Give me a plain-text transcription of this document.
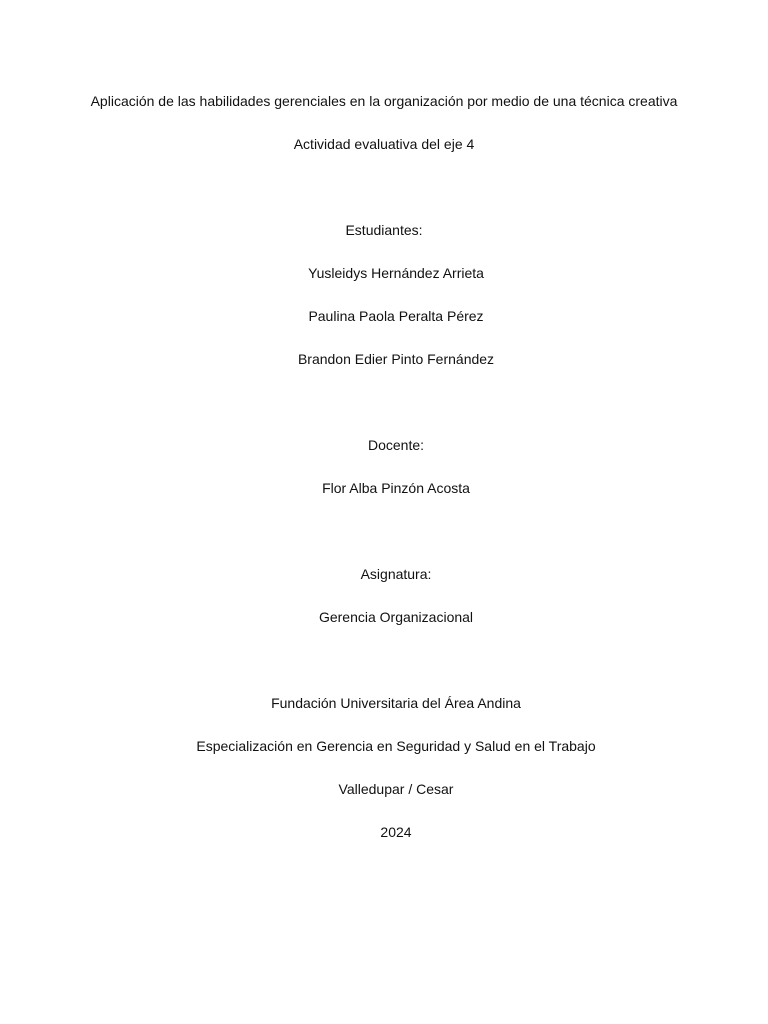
Aplicación de las habilidades gerenciales en la organización por medio de una técnica creativa
Actividad evaluativa del eje 4
Estudiantes:
Yusleidys Hernández Arrieta
Paulina Paola Peralta Pérez
Brandon Edier Pinto Fernández
Docente:
Flor Alba Pinzón Acosta
Asignatura:
Gerencia Organizacional
Fundación Universitaria del Área Andina
Especialización en Gerencia en Seguridad y Salud en el Trabajo
Valledupar / Cesar
2024
